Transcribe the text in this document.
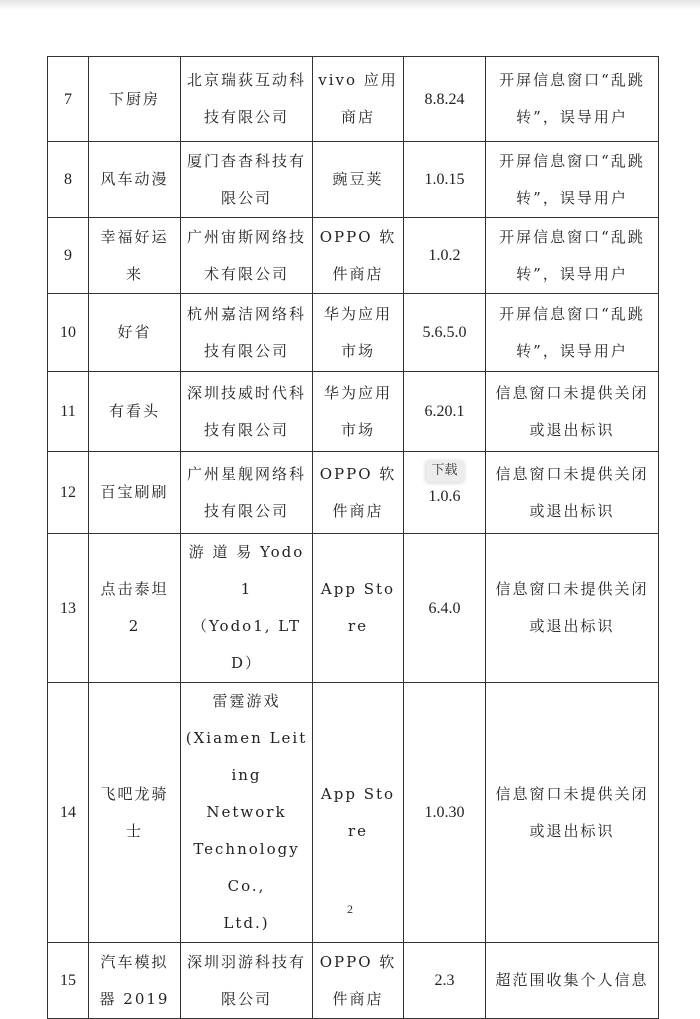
7	下厨房	北京瑞荻互动科
技有限公司	vivo 应用
商店	8.8.24	开屏信息窗口“乱跳
转”，误导用户

8	风车动漫	厦门杳杳科技有
限公司	豌豆荚	1.0.15	开屏信息窗口“乱跳
转”，误导用户

9	幸福好运
来	广州宙斯网络技
术有限公司	OPPO 软
件商店	1.0.2	开屏信息窗口“乱跳
转”，误导用户

10	好省	杭州嘉洁网络科
技有限公司	华为应用
市场	5.6.5.0	开屏信息窗口“乱跳
转”，误导用户

11	有看头	深圳技威时代科
技有限公司	华为应用
市场	6.20.1	信息窗口未提供关闭
或退出标识

12	百宝刷刷	广州星舰网络科
技有限公司	OPPO 软
件商店	下载
1.0.6	信息窗口未提供关闭
或退出标识

13	点击泰坦 2	游 道 易 Yodo1
（Yodo1, LTD）	App Store	6.4.0	信息窗口未提供关闭
或退出标识

14	飞吧龙骑
士	雷霆游戏
(Xiamen Leiting
Network
Technology Co.,
Ltd.)	App Store	1.0.30	信息窗口未提供关闭
或退出标识

15	汽车模拟
器 2019	深圳羽游科技有
限公司	OPPO 软
件商店	2.3	超范围收集个人信息
2
